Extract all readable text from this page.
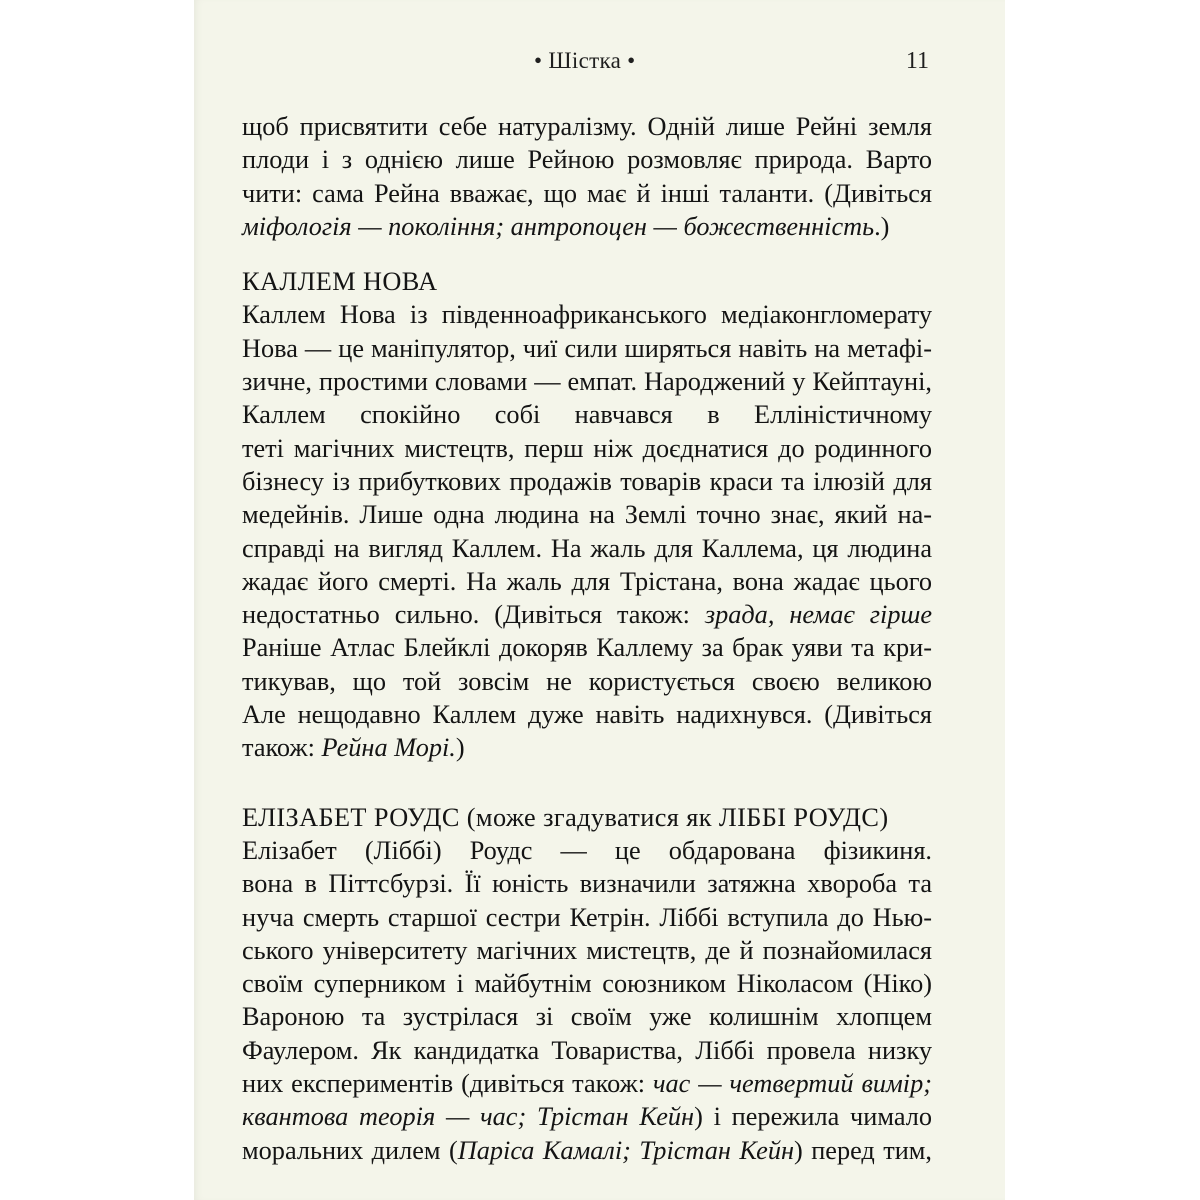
• Шістка •	11
щоб присвятити себе натуралізму. Одній лише Рейні земля
плоди і з однією лише Рейною розмовляє природа. Варто
чити: сама Рейна вважає, що має й інші таланти. (Дивіться
міфологія — покоління; антропоцен — божественність.)
КАЛЛЕМ НОВА
Каллем Нова із південноафриканського медіаконгломерату
Нова — це маніпулятор, чиї сили ширяться навіть на метафі-
зичне, простими словами — емпат. Народжений у Кейптауні,
Каллем спокійно собі навчався в Елліністичному
теті магічних мистецтв, перш ніж доєднатися до родинного
бізнесу із прибуткових продажів товарів краси та ілюзій для
медейнів. Лише одна людина на Землі точно знає, який на-
справді на вигляд Каллем. На жаль для Каллема, ця людина
жадає його смерті. На жаль для Трістана, вона жадає цього
недостатньо сильно. (Дивіться також: зрада, немає гірше
Раніше Атлас Блейклі докоряв Каллему за брак уяви та кри-
тикував, що той зовсім не користується своєю великою
Але нещодавно Каллем дуже навіть надихнувся. (Дивіться
також: Рейна Морі.)
ЕЛІЗАБЕТ РОУДС (може згадуватися як ЛІББІ РОУДС)
Елізабет (Ліббі) Роудс — це обдарована фізикиня.
вона в Піттсбурзі. Її юність визначили затяжна хвороба та
нуча смерть старшої сестри Кетрін. Ліббі вступила до Нью-
ського університету магічних мистецтв, де й познайомилася
своїм суперником і майбутнім союзником Ніколасом (Ніко)
Вароною та зустрілася зі своїм уже колишнім хлопцем
Фаулером. Як кандидатка Товариства, Ліббі провела низку
них експериментів (дивіться також: час — четвертий вимір;
квантова теорія — час; Трістан Кейн) і пережила чимало
моральних дилем (Паріса Камалі; Трістан Кейн) перед тим,
